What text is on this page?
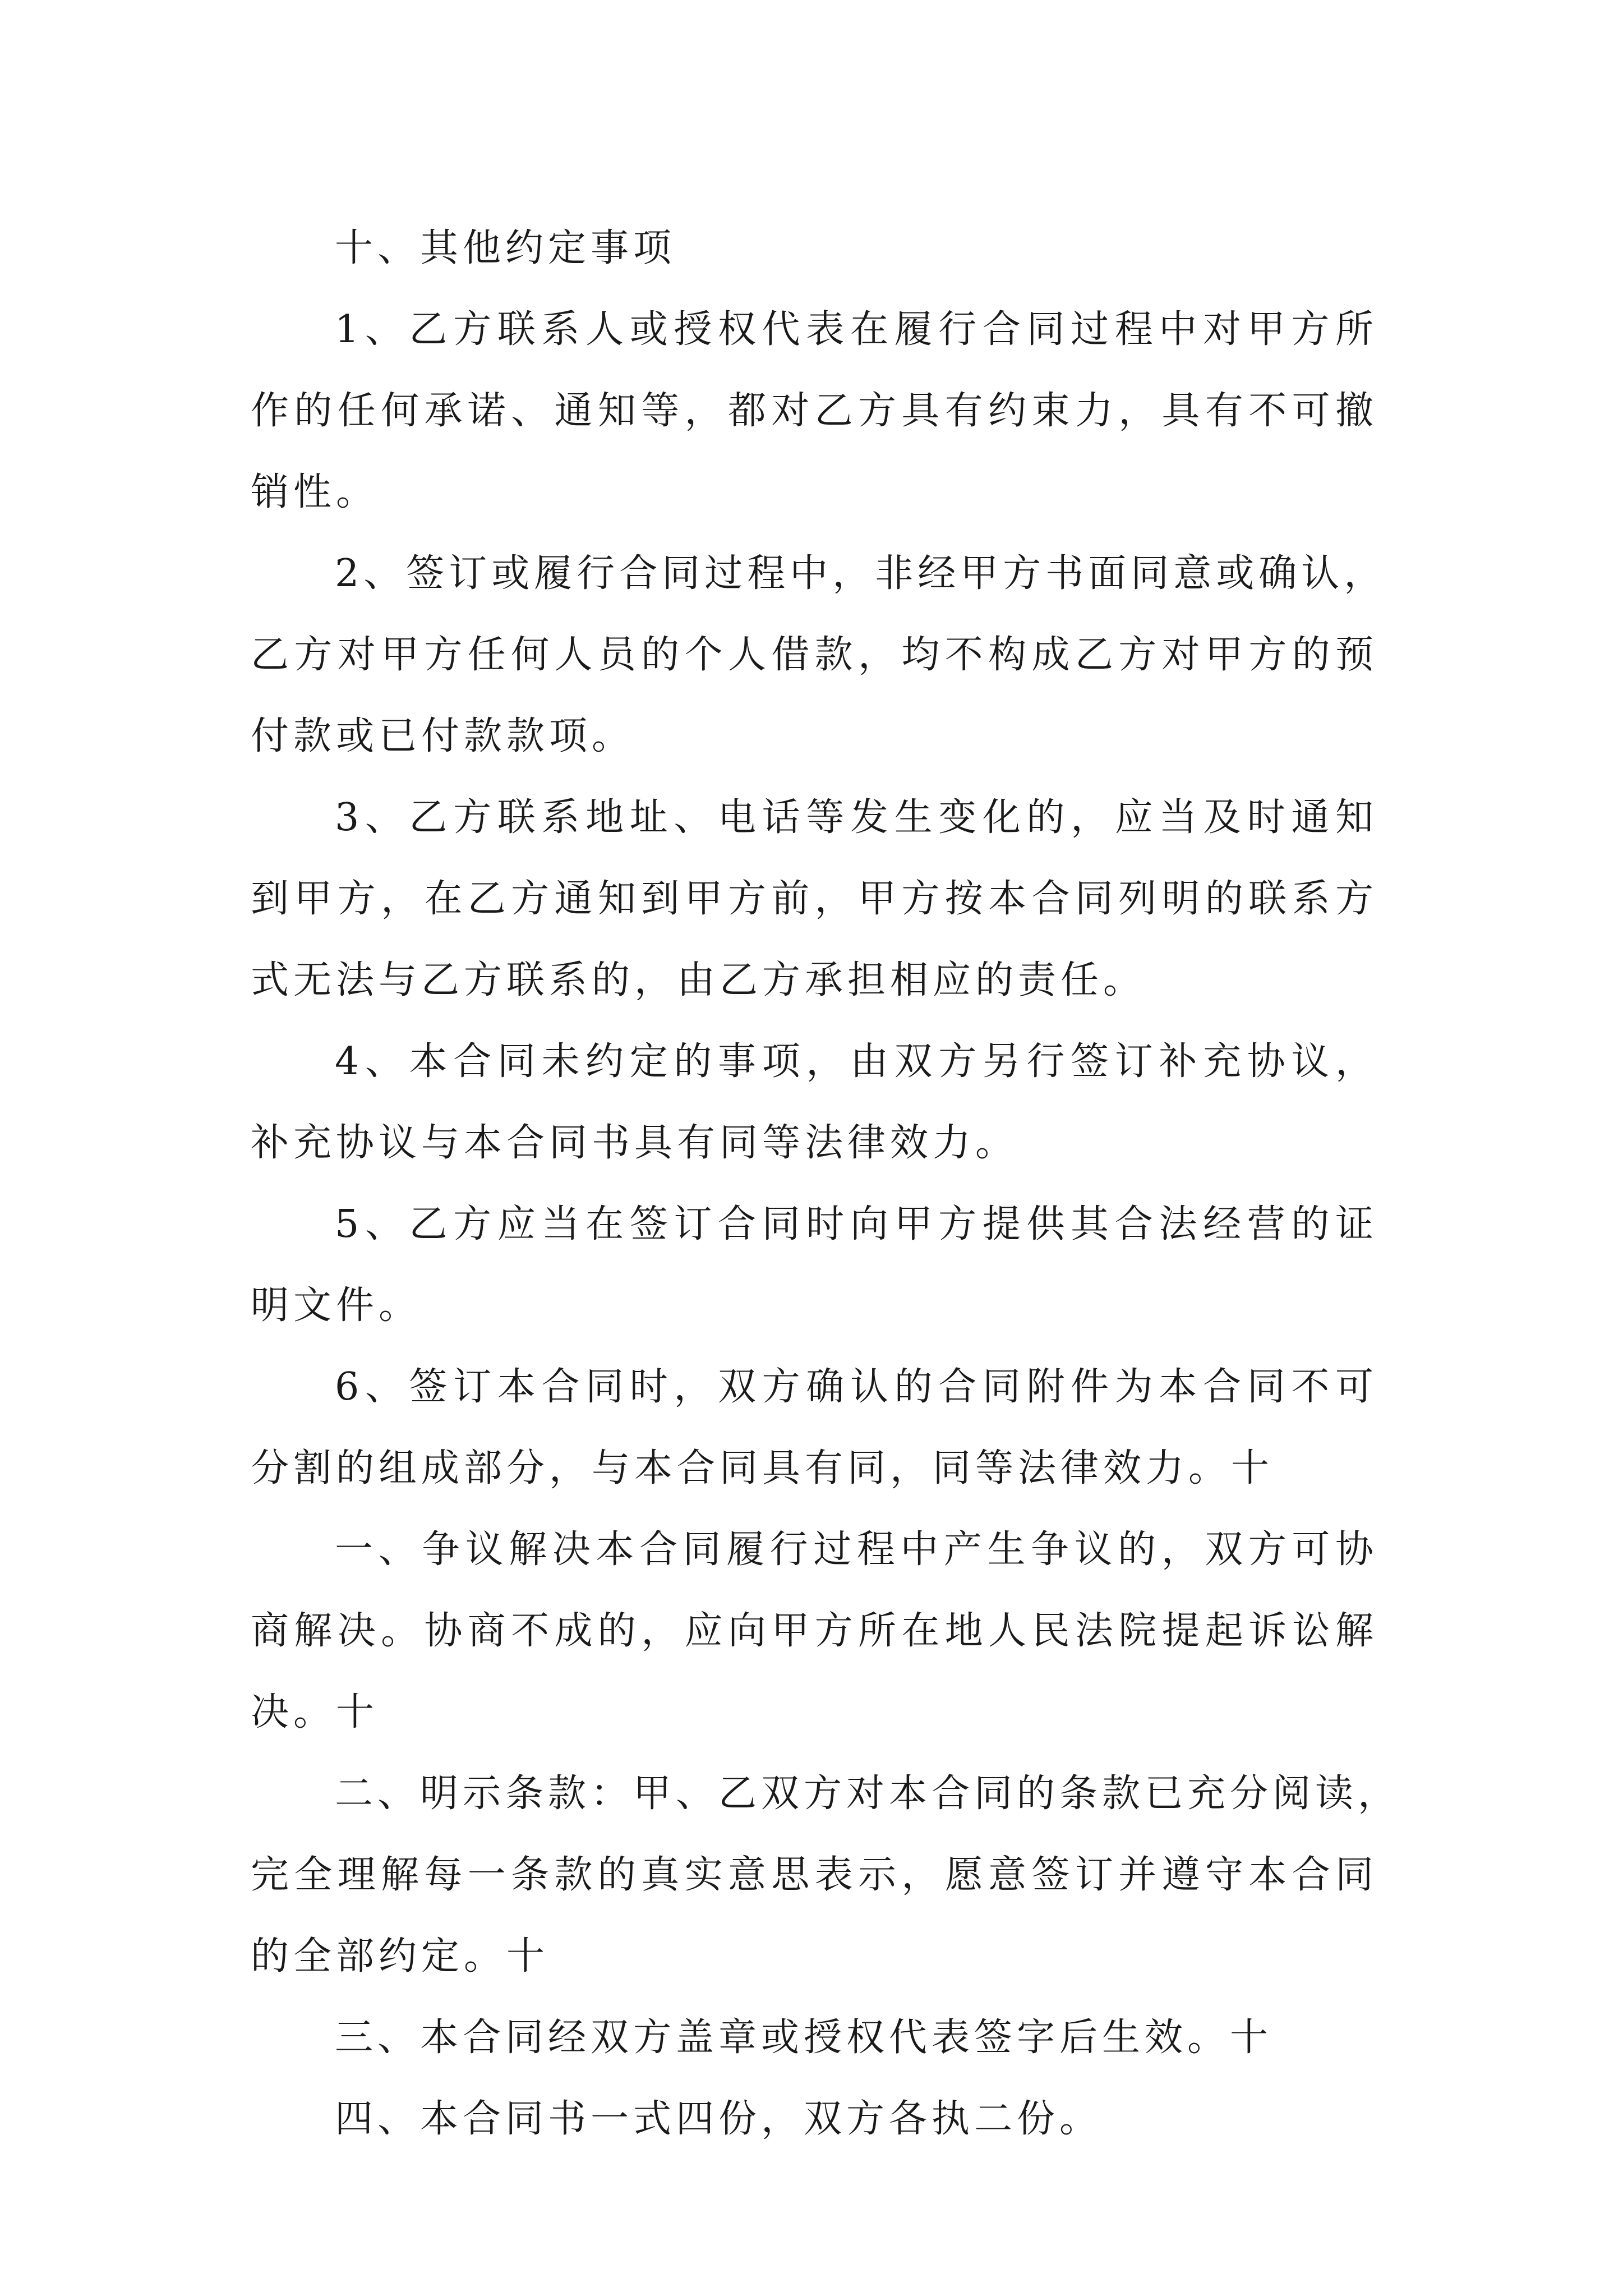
十、其他约定事项
1、乙方联系人或授权代表在履行合同过程中对甲方所
作的任何承诺、通知等，都对乙方具有约束力，具有不可撤
销性。
2、签订或履行合同过程中，非经甲方书面同意或确认，
乙方对甲方任何人员的个人借款，均不构成乙方对甲方的预
付款或已付款款项。
3、乙方联系地址、电话等发生变化的，应当及时通知
到甲方，在乙方通知到甲方前，甲方按本合同列明的联系方
式无法与乙方联系的，由乙方承担相应的责任。
4、本合同未约定的事项，由双方另行签订补充协议，
补充协议与本合同书具有同等法律效力。
5、乙方应当在签订合同时向甲方提供其合法经营的证
明文件。
6、签订本合同时，双方确认的合同附件为本合同不可
分割的组成部分，与本合同具有同，同等法律效力。十
一、争议解决本合同履行过程中产生争议的，双方可协
商解决。协商不成的，应向甲方所在地人民法院提起诉讼解
决。十
二、明示条款：甲、乙双方对本合同的条款已充分阅读，
完全理解每一条款的真实意思表示，愿意签订并遵守本合同
的全部约定。十
三、本合同经双方盖章或授权代表签字后生效。十
四、本合同书一式四份，双方各执二份。
